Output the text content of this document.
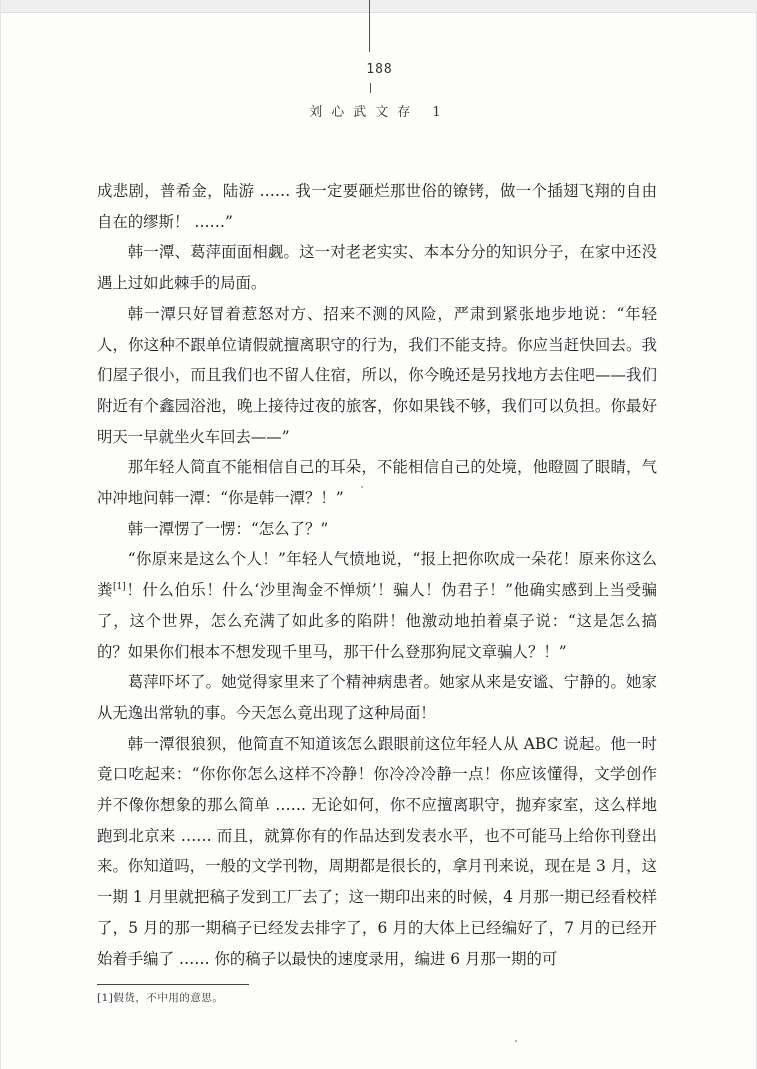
188
刘心武文存 1

成悲剧，普希金，陆游 …… 我一定要砸烂那世俗的镣铐，做一个插翅飞翔的自由自在的缪斯！ ……”

韩一潭、葛萍面面相觑。这一对老老实实、本本分分的知识分子，在家中还没遇上过如此棘手的局面。

韩一潭只好冒着惹怒对方、招来不测的风险，严肃到紧张地步地说：“年轻人，你这种不跟单位请假就擅离职守的行为，我们不能支持。你应当赶快回去。我们屋子很小，而且我们也不留人住宿，所以，你今晚还是另找地方去住吧——我们附近有个鑫园浴池，晚上接待过夜的旅客，你如果钱不够，我们可以负担。你最好明天一早就坐火车回去——”

那年轻人简直不能相信自己的耳朵，不能相信自己的处境，他瞪圆了眼睛，气冲冲地问韩一潭：“你是韩一潭？！”

韩一潭愣了一愣：“怎么了？”

“你原来是这么个人！”年轻人气愤地说，“报上把你吹成一朵花！原来你这么粪[1]！什么伯乐！什么‘沙里淘金不惮烦’！骗人！伪君子！”他确实感到上当受骗了，这个世界，怎么充满了如此多的陷阱！他激动地拍着桌子说：“这是怎么搞的？如果你们根本不想发现千里马，那干什么登那狗屁文章骗人？！”

葛萍吓坏了。她觉得家里来了个精神病患者。她家从来是安谧、宁静的。她家从无逸出常轨的事。今天怎么竟出现了这种局面！

韩一潭很狼狈，他简直不知道该怎么跟眼前这位年轻人从 ABC 说起。他一时竟口吃起来：“你你你怎么这样不冷静！你冷冷冷静一点！你应该懂得，文学创作并不像你想象的那么简单 …… 无论如何，你不应擅离职守，抛弃家室，这么样地跑到北京来 …… 而且，就算你有的作品达到发表水平，也不可能马上给你刊登出来。你知道吗，一般的文学刊物，周期都是很长的，拿月刊来说，现在是 3 月，这一期 1 月里就把稿子发到工厂去了；这一期印出来的时候，4 月那一期已经看校样了，5 月的那一期稿子已经发去排字了，6 月的大体上已经编好了，7 月的已经开始着手编了 …… 你的稿子以最快的速度录用，编进 6 月那一期的可

[1]假货，不中用的意思。
